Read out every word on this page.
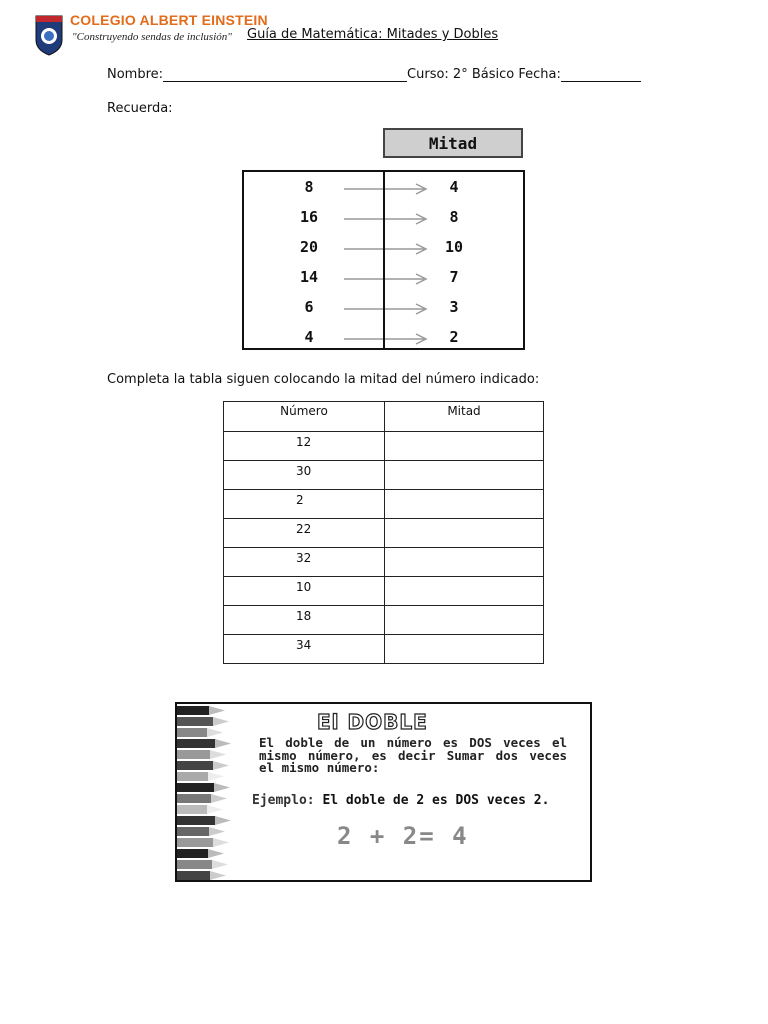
COLEGIO ALBERT EINSTEIN
"Construyendo sendas de inclusión" Guía de Matemática: Mitades y Dobles
Nombre:	Curso: 2° Básico Fecha:
Recuerda:
Mitad
8	4
16	8
20	10
14	7
6	3
4	2
Completa la tabla siguen colocando la mitad del número indicado:
Número	Mitad
12	
30	
2	
22	
32	
10	
18	
34	
El DOBLE
El doble de un número es DOS veces el mismo número, es decir Sumar dos veces el mismo número:
Ejemplo: El doble de 2 es DOS veces 2.
2 + 2= 4
